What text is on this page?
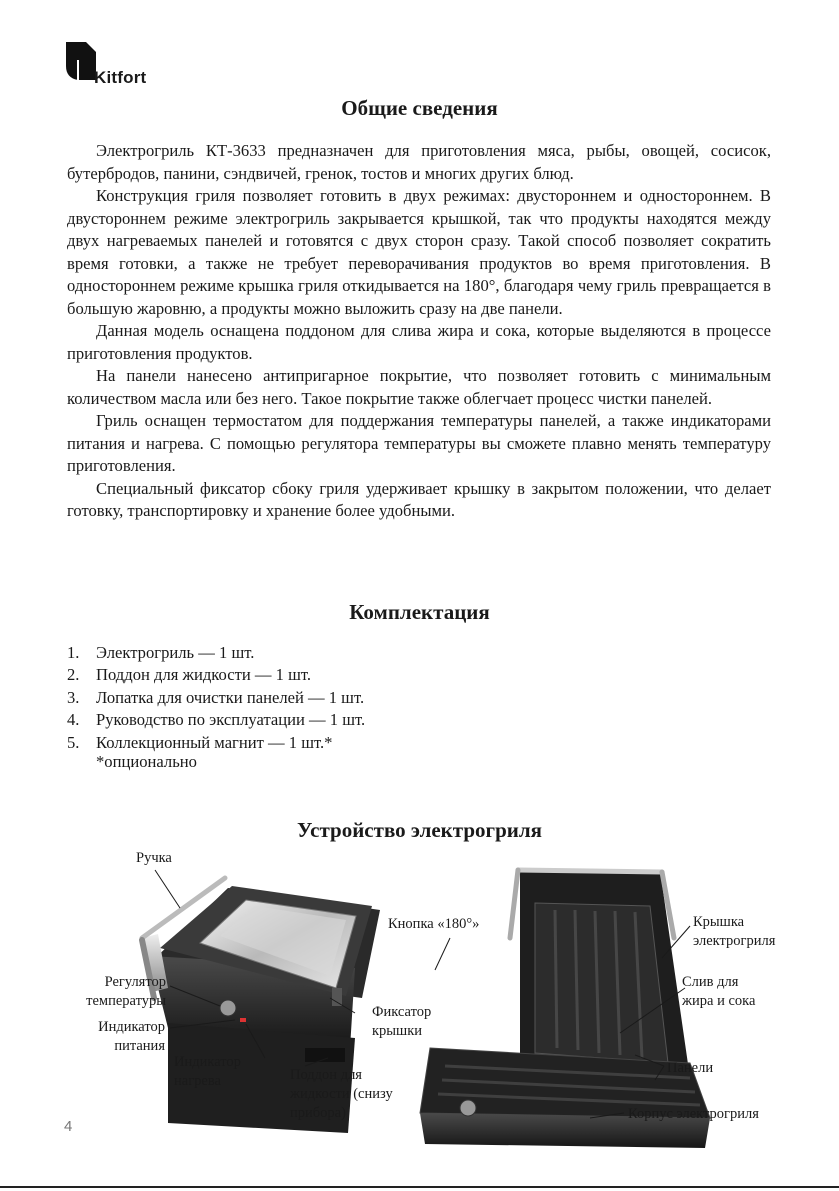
Kitfort
Общие сведения

Электрогриль КТ-3633 предназначен для приготовления мяса, рыбы, овощей, сосисок, бутербродов, панини, сэндвичей, гренок, тостов и многих других блюд.

Конструкция гриля позволяет готовить в двух режимах: двустороннем и одностороннем. В двустороннем режиме электрогриль закрывается крышкой, так что продукты находятся между двух нагреваемых панелей и готовятся с двух сторон сразу. Такой способ позволяет сократить время готовки, а также не требует переворачивания продуктов во время приготовления. В одностороннем режиме крышка гриля откидывается на 180°, благодаря чему гриль превращается в большую жаровню, а продукты можно выложить сразу на две панели.

Данная модель оснащена поддоном для слива жира и сока, которые выделяются в процессе приготовления продуктов.

На панели нанесено антипригарное покрытие, что позволяет готовить с минимальным количеством масла или без него. Такое покрытие также облегчает процесс чистки панелей.

Гриль оснащен термостатом для поддержания температуры панелей, а также индикаторами питания и нагрева. С помощью регулятора температуры вы сможете плавно менять температуру приготовления.

Специальный фиксатор сбоку гриля удерживает крышку в закрытом положении, что делает готовку, транспортировку и хранение более удобными.

Комплектация
1. Электрогриль — 1 шт.
2. Поддон для жидкости — 1 шт.
3. Лопатка для очистки панелей — 1 шт.
4. Руководство по эксплуатации — 1 шт.
5. Коллекционный магнит — 1 шт.*
*опционально
Устройство электрогриля
Ручка
Кнопка «180°»	Крышка
электрогриля
Слив для
жира и сока
Регулятор
температуры
Фиксатор
крышки
Индикатор
питания
Индикатор
нагрева	Поддон для
жидкости (снизу
прибора)
Панели
Корпус электрогриля
4
